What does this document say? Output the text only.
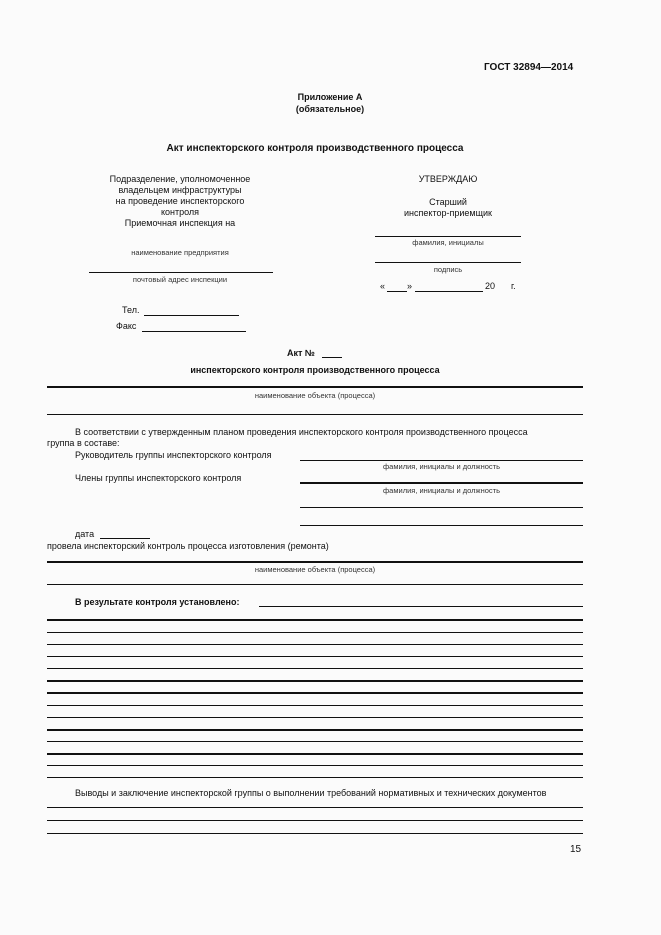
ГОСТ 32894—2014
Приложение А
(обязательное)
Акт инспекторского контроля производственного процесса
Подразделение, уполномоченное
владельцем инфраструктуры
на проведение инспекторского
контроля
Приемочная инспекция на
наименование предприятия
почтовый адрес инспекции
Тел.
Факс
УТВЕРЖДАЮ
Старший
инспектор-приемщик
фамилия, инициалы
подпись
« »	20 г.
Акт №
инспекторского контроля производственного процесса
наименование объекта (процесса)
В соответствии с утвержденным планом проведения инспекторского контроля производственного процесса
группа в составе:
Руководитель группы инспекторского контроля
фамилия, инициалы и должность
Члены группы инспекторского контроля
фамилия, инициалы и должность
дата
провела инспекторский контроль процесса изготовления (ремонта)
наименование объекта (процесса)
В результате контроля установлено:
Выводы и заключение инспекторской группы о выполнении требований нормативных и технических документов
15
